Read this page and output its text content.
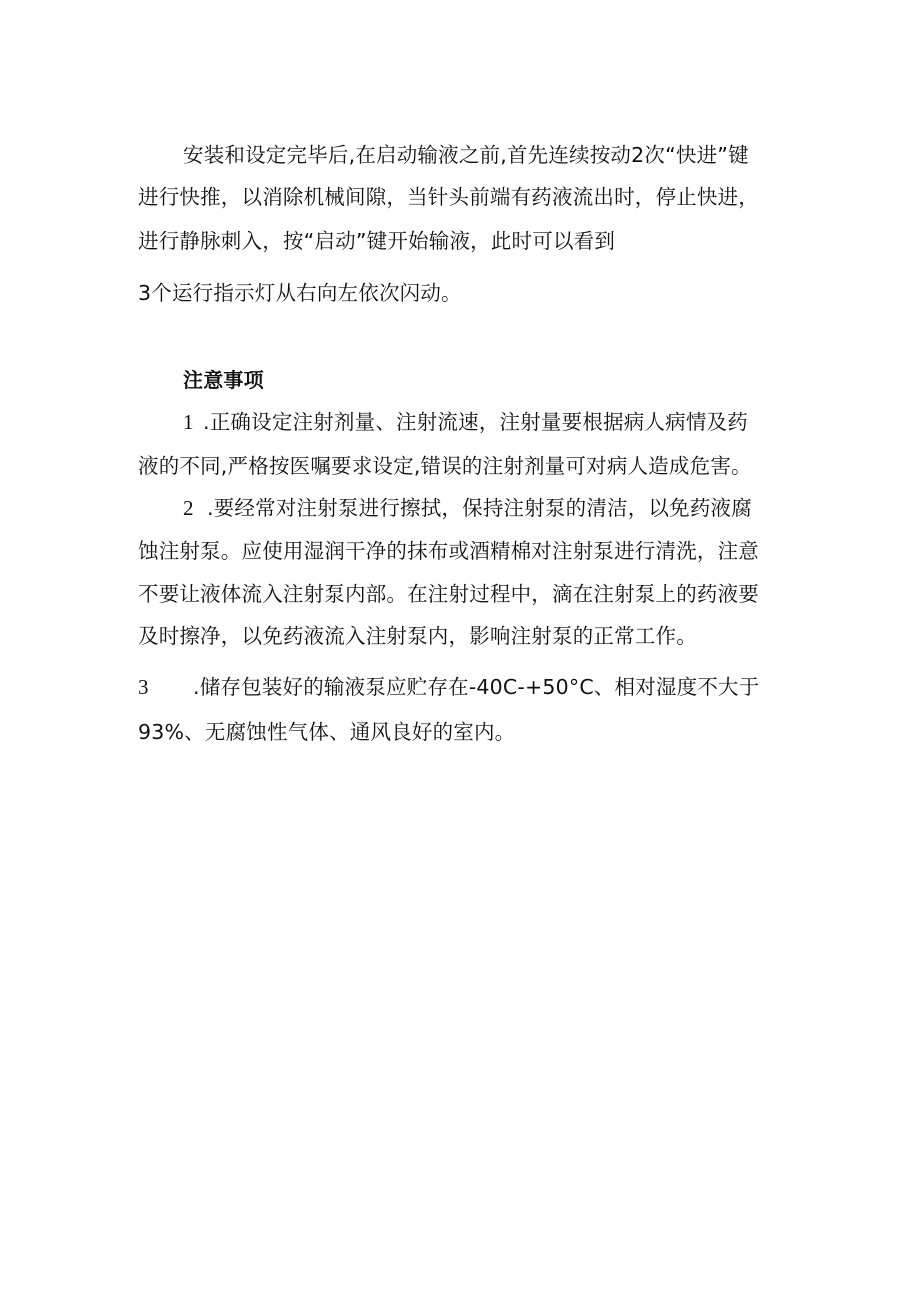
安装和设定完毕后,在启动输液之前,首先连续按动2次“快进”键
进行快推，以消除机械间隙，当针头前端有药液流出时，停止快进，
进行静脉刺入，按“启动”键开始输液，此时可以看到
3个运行指示灯从右向左依次闪动。
注意事项
1 .正确设定注射剂量、注射流速，注射量要根据病人病情及药
液的不同,严格按医嘱要求设定,错误的注射剂量可对病人造成危害。
2 .要经常对注射泵进行擦拭，保持注射泵的清洁，以免药液腐
蚀注射泵。应使用湿润干净的抹布或酒精棉对注射泵进行清洗，注意
不要让液体流入注射泵内部。在注射过程中，滴在注射泵上的药液要
及时擦净，以免药液流入注射泵内，影响注射泵的正常工作。
3	.储存包装好的输液泵应贮存在-40C-+50°C、相对湿度不大于
93%、无腐蚀性气体、通风良好的室内。
